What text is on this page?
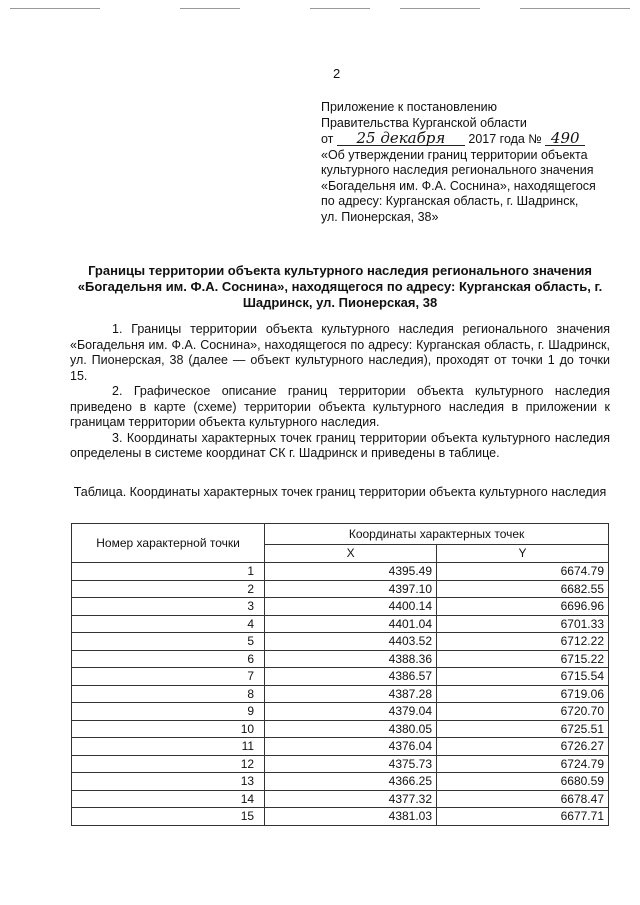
2
Приложение к постановлению
Правительства Курганской области
от 25 декабря 2017 года № 490
«Об утверждении границ территории объекта
культурного наследия регионального значения
«Богадельня им. Ф.А. Соснина», находящегося
по адресу: Курганская область, г. Шадринск,
ул. Пионерская, 38»
Границы территории объекта культурного наследия регионального значения «Богадельня им. Ф.А. Соснина», находящегося по адресу: Курганская область, г. Шадринск, ул. Пионерская, 38

1. Границы территории объекта культурного наследия регионального значения «Богадельня им. Ф.А. Соснина», находящегося по адресу: Курганская область, г. Шадринск, ул. Пионерская, 38 (далее — объект культурного наследия), проходят от точки 1 до точки 15.

2. Графическое описание границ территории объекта культурного наследия приведено в карте (схеме) территории объекта культурного наследия в приложении к границам территории объекта культурного наследия.

3. Координаты характерных точек границ территории объекта культурного наследия определены в системе координат СК г. Шадринск и приведены в таблице.

Таблица. Координаты характерных точек границ территории объекта культурного наследия
Номер характерной точки	Координаты характерных точек	
	X	Y
1	4395.49	6674.79
2	4397.10	6682.55
3	4400.14	6696.96
4	4401.04	6701.33
5	4403.52	6712.22
6	4388.36	6715.22
7	4386.57	6715.54
8	4387.28	6719.06
9	4379.04	6720.70
10	4380.05	6725.51
11	4376.04	6726.27
12	4375.73	6724.79
13	4366.25	6680.59
14	4377.32	6678.47
15	4381.03	6677.71
